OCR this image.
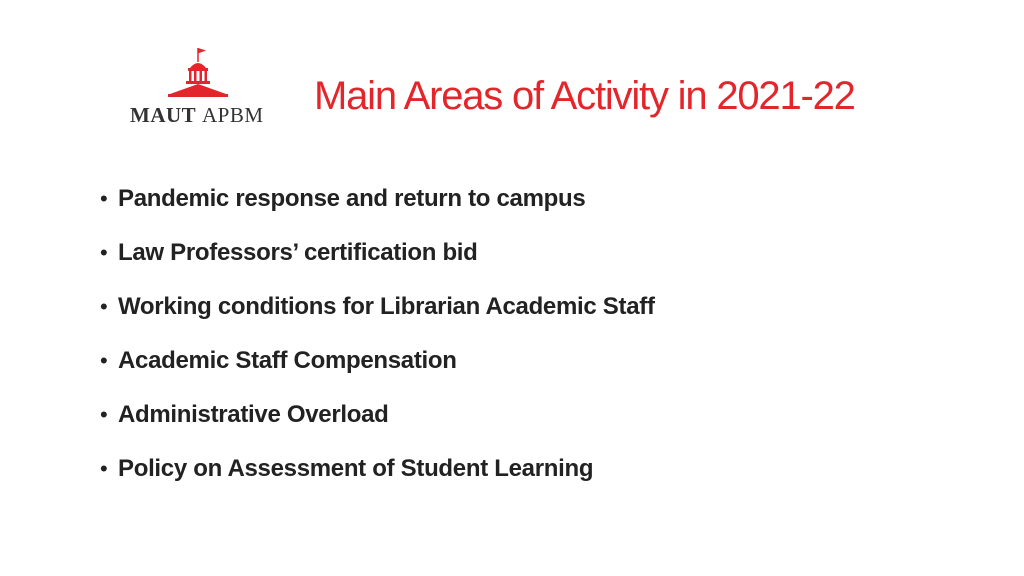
MAUT APBM Main Areas of Activity in 2021-22
• Pandemic response and return to campus
• Law Professors’ certification bid
• Working conditions for Librarian Academic Staff
• Academic Staff Compensation
• Administrative Overload
• Policy on Assessment of Student Learning
